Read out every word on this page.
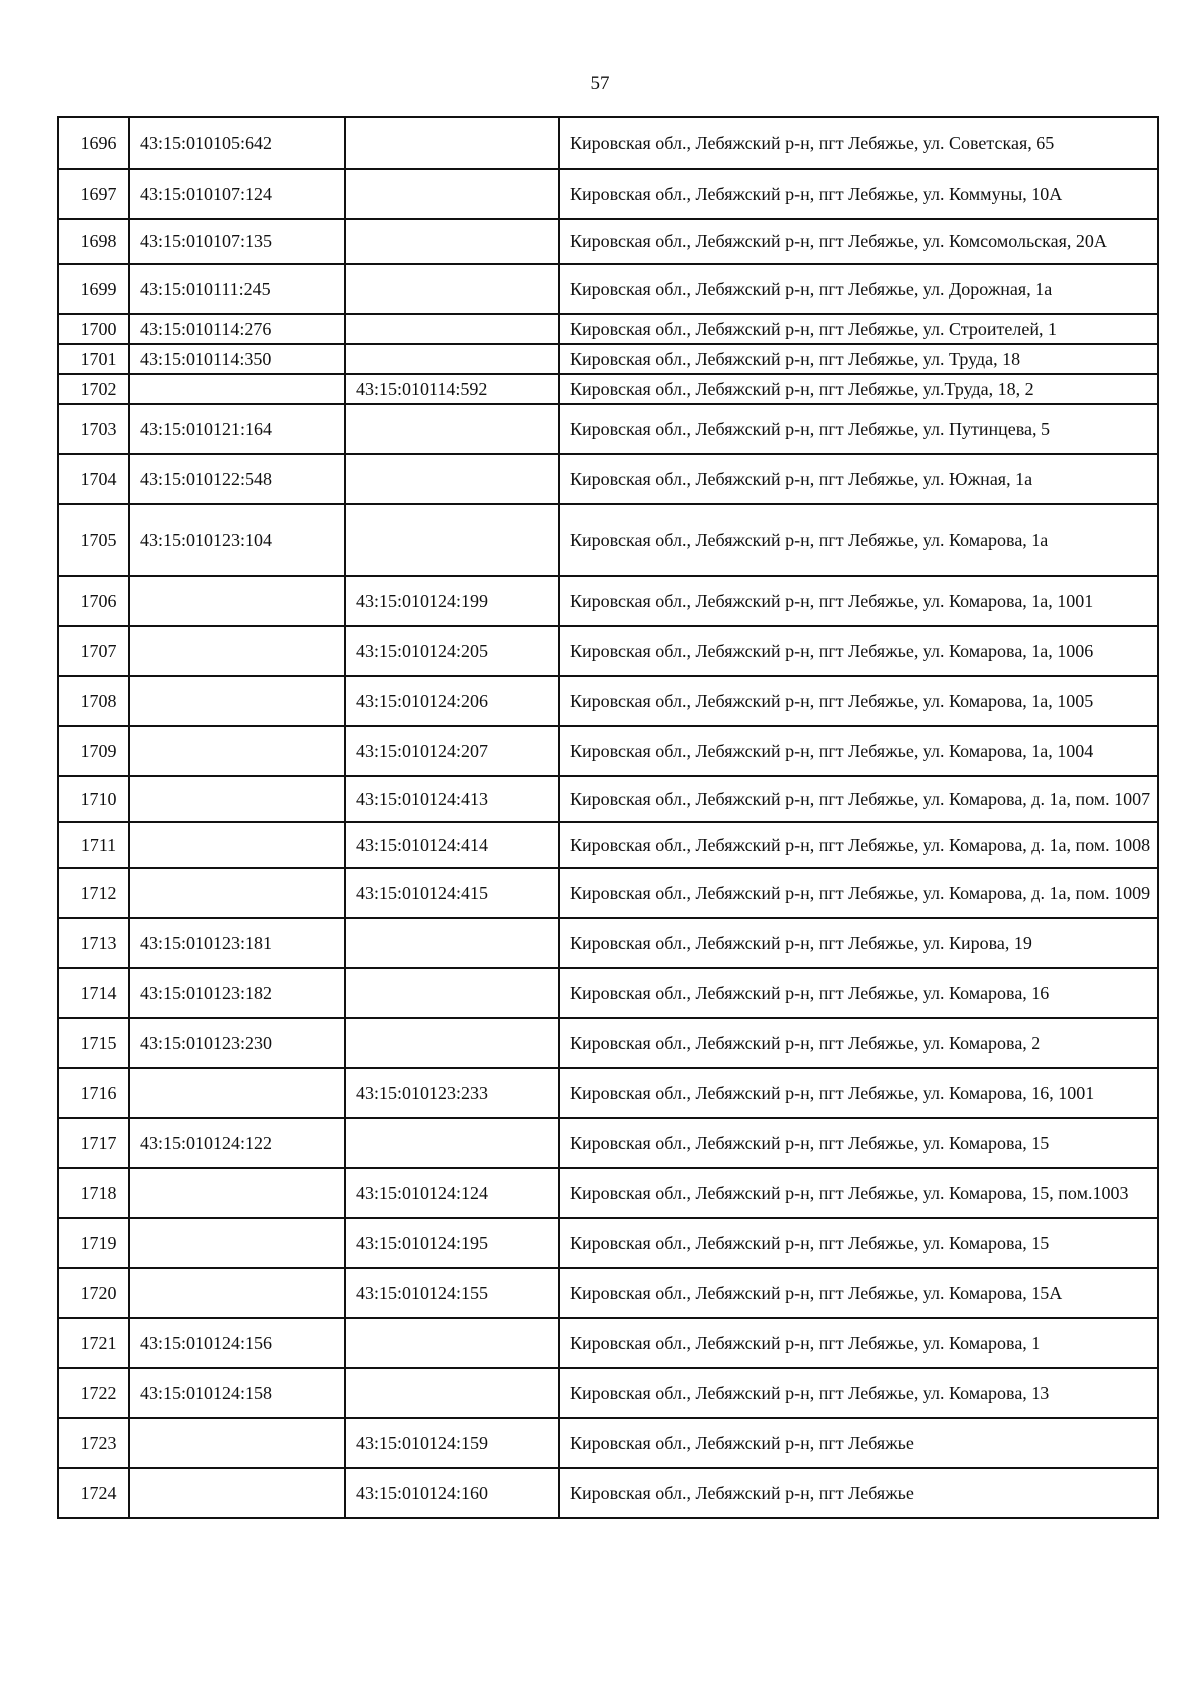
57
1696	43:15:010105:642		Кировская обл., Лебяжский р-н, пгт Лебяжье, ул. Советская, 65
1697	43:15:010107:124		Кировская обл., Лебяжский р-н, пгт Лебяжье, ул. Коммуны, 10А
1698	43:15:010107:135		Кировская обл., Лебяжский р-н, пгт Лебяжье, ул. Комсомольская, 20А
1699	43:15:010111:245		Кировская обл., Лебяжский р-н, пгт Лебяжье, ул. Дорожная, 1а
1700	43:15:010114:276		Кировская обл., Лебяжский р-н, пгт Лебяжье, ул. Строителей, 1
1701	43:15:010114:350		Кировская обл., Лебяжский р-н, пгт Лебяжье, ул. Труда, 18
1702		43:15:010114:592	Кировская обл., Лебяжский р-н, пгт Лебяжье, ул.Труда, 18, 2
1703	43:15:010121:164		Кировская обл., Лебяжский р-н, пгт Лебяжье, ул. Путинцева, 5
1704	43:15:010122:548		Кировская обл., Лебяжский р-н, пгт Лебяжье, ул. Южная, 1а
1705	43:15:010123:104		Кировская обл., Лебяжский р-н, пгт Лебяжье, ул. Комарова, 1а
1706		43:15:010124:199	Кировская обл., Лебяжский р-н, пгт Лебяжье, ул. Комарова, 1а, 1001
1707		43:15:010124:205	Кировская обл., Лебяжский р-н, пгт Лебяжье, ул. Комарова, 1а, 1006
1708		43:15:010124:206	Кировская обл., Лебяжский р-н, пгт Лебяжье, ул. Комарова, 1а, 1005
1709		43:15:010124:207	Кировская обл., Лебяжский р-н, пгт Лебяжье, ул. Комарова, 1а, 1004
1710		43:15:010124:413	Кировская обл., Лебяжский р-н, пгт Лебяжье, ул. Комарова, д. 1а, пом. 1007
1711		43:15:010124:414	Кировская обл., Лебяжский р-н, пгт Лебяжье, ул. Комарова, д. 1а, пом. 1008
1712		43:15:010124:415	Кировская обл., Лебяжский р-н, пгт Лебяжье, ул. Комарова, д. 1а, пом. 1009
1713	43:15:010123:181		Кировская обл., Лебяжский р-н, пгт Лебяжье, ул. Кирова, 19
1714	43:15:010123:182		Кировская обл., Лебяжский р-н, пгт Лебяжье, ул. Комарова, 16
1715	43:15:010123:230		Кировская обл., Лебяжский р-н, пгт Лебяжье, ул. Комарова, 2
1716		43:15:010123:233	Кировская обл., Лебяжский р-н, пгт Лебяжье, ул. Комарова, 16, 1001
1717	43:15:010124:122		Кировская обл., Лебяжский р-н, пгт Лебяжье, ул. Комарова, 15
1718		43:15:010124:124	Кировская обл., Лебяжский р-н, пгт Лебяжье, ул. Комарова, 15, пом.1003
1719		43:15:010124:195	Кировская обл., Лебяжский р-н, пгт Лебяжье, ул. Комарова, 15
1720		43:15:010124:155	Кировская обл., Лебяжский р-н, пгт Лебяжье, ул. Комарова, 15А
1721	43:15:010124:156		Кировская обл., Лебяжский р-н, пгт Лебяжье, ул. Комарова, 1
1722	43:15:010124:158		Кировская обл., Лебяжский р-н, пгт Лебяжье, ул. Комарова, 13
1723		43:15:010124:159	Кировская обл., Лебяжский р-н, пгт Лебяжье
1724		43:15:010124:160	Кировская обл., Лебяжский р-н, пгт Лебяжье
